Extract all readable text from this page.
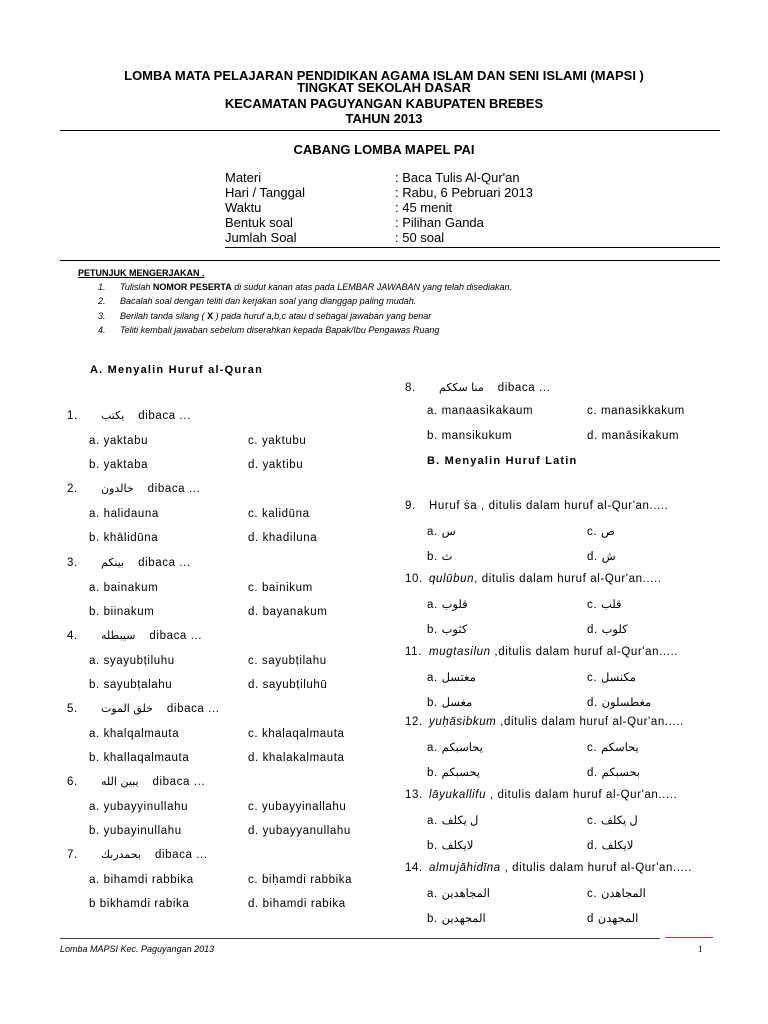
LOMBA MATA PELAJARAN PENDIDIKAN AGAMA ISLAM DAN SENI ISLAMI (MAPSI )
TINGKAT SEKOLAH DASAR
KECAMATAN PAGUYANGAN KABUPATEN BREBES
TAHUN 2013
CABANG LOMBA MAPEL PAI
Materi	: Baca Tulis Al-Qur'an
Hari / Tanggal	: Rabu, 6 Pebruari 2013
Waktu	: 45 menit
Bentuk soal	: Pilihan Ganda
Jumlah Soal	: 50 soal
PETUNJUK MENGERJAKAN .
1. Tulislah NOMOR PESERTA di sudut kanan atas pada LEMBAR JAWABAN yang telah disediakan.
2. Bacalah soal dengan teliti dan kerjakan soal yang dianggap paling mudah.
3. Berilah tanda silang ( X ) pada huruf a,b,c atau d sebagai jawaban yang benar
4. Teliti kembali jawaban sebelum diserahkan kepada Bapak/Ibu Pengawas Ruang
A. Menyalin Huruf al-Quran
1. يكتب dibaca ...
a. yaktabu	c. yaktubu
b. yaktaba	d. yaktibu
2. خالدون dibaca ...
a. halidauna	c. kalidūna
b. khālidūna	d. khadiluna
3. بينكم dibaca ...
a. bainakum	c. bainikum
b. biinakum	d. bayanakum
4. سيبطله dibaca ...
a. syayubṭiluhu	c. sayubṭilahu
b. sayubṭalahu	d. sayubṭiluhū
5. خلق الموت dibaca ...
a. khalqalmauta	c. khalaqalmauta
b. khallaqalmauta	d. khalakalmauta
6. يبين الله dibaca ...
a. yubayyinullahu	c. yubayyinallahu
b. yubayinullahu	d. yubayyanullahu
7. بحمدربك dibaca ...
a. bihamdi rabbika	c. biḥamdi rabbika
b bikhamdi rabika	d. bihamdi rabika
8. منا سككم dibaca ...
a. manaasikakaum	c. manasikkakum
b. mansikukum	d. manāsikakum
B. Menyalin Huruf Latin
9. Huruf ṡa , ditulis dalam huruf al-Qur'an.....
a. س	c. ص
b. ث	d. ش
10. qulūbun, ditulis dalam huruf al-Qur'an.....
a. قلوب	c. قلب
b. كثوب	d. كلوب
11. mugtasilun ,ditulis dalam huruf al-Qur'an.....
a. مغتسل	c. مكنسل
b. مغسل	d. مغطسلون
12. yuḥāsibkum ,ditulis dalam huruf al-Qur'an.....
a. يحاسبكم	c. يحاسكم
b. يحسبكم	d. بحسبكم
13. lāyukallifu , ditulis dalam huruf al-Qur'an.....
a. ل يكلف	c. ل يكلف
b. لايكلف	d. لايكلف
14. almujāhidīna , ditulis dalam huruf al-Qur'an.....
a. المجاهدين	c. المجاهدن
b. المجهدين	d المجهدن
Lomba MAPSI Kec. Paguyangan 2013	1
